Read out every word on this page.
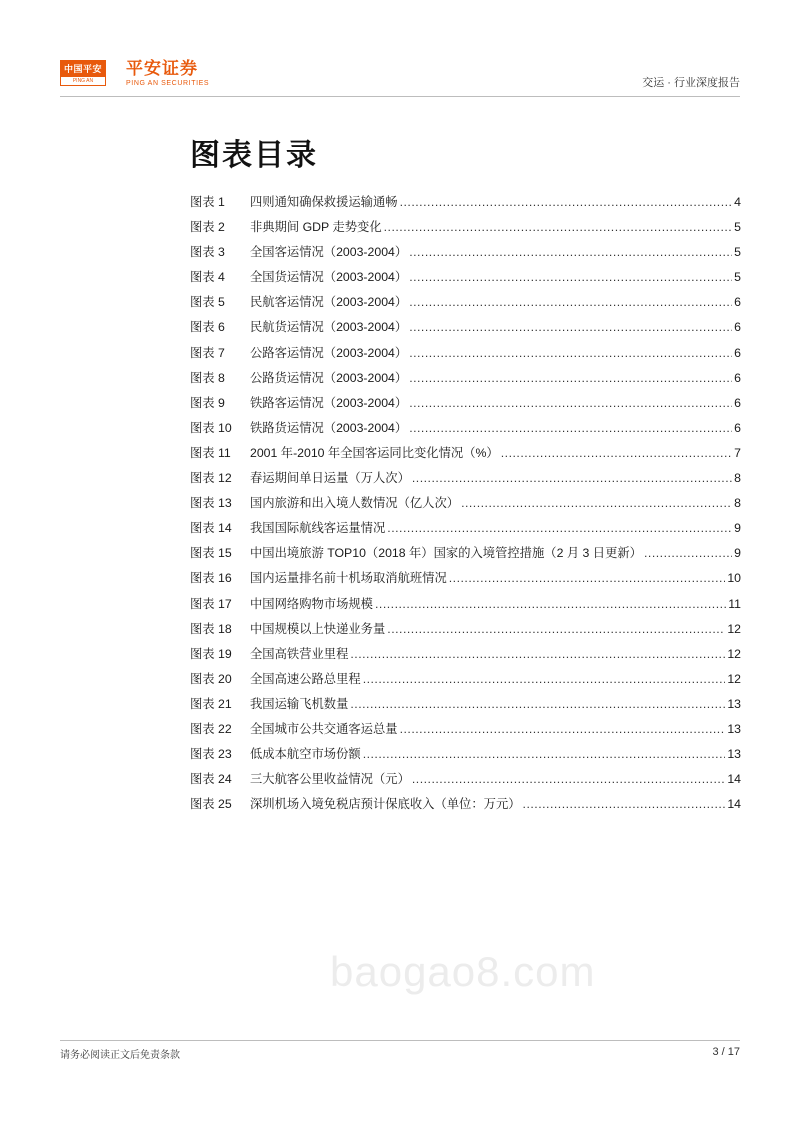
中国平安
PING AN
平安证券
PING AN SECURITIES	交运 · 行业深度报告
图表目录
图表 1	四则通知确保救援运输通畅 .....	4
图表 2	非典期间 GDP 走势变化 .....	5
图表 3	全国客运情况（2003-2004） .....	5
图表 4	全国货运情况（2003-2004） .....	5
图表 5	民航客运情况（2003-2004） .....	6
图表 6	民航货运情况（2003-2004） .....	6
图表 7	公路客运情况（2003-2004） .....	6
图表 8	公路货运情况（2003-2004） .....	6
图表 9	铁路客运情况（2003-2004） .....	6
图表 10	铁路货运情况（2003-2004） .....	6
图表 11	2001 年-2010 年全国客运同比变化情况（%） .....	7
图表 12	春运期间单日运量（万人次） .....	8
图表 13	国内旅游和出入境人数情况（亿人次） .....	8
图表 14	我国国际航线客运量情况 .....	9
图表 15	中国出境旅游 TOP10（2018 年）国家的入境管控措施（2 月 3 日更新） .....	9
图表 16	国内运量排名前十机场取消航班情况 .....	10
图表 17	中国网络购物市场规模 .....	11
图表 18	中国规模以上快递业务量 .....	12
图表 19	全国高铁营业里程 .....	12
图表 20	全国高速公路总里程 .....	12
图表 21	我国运输飞机数量 .....	13
图表 22	全国城市公共交通客运总量 .....	13
图表 23	低成本航空市场份额 .....	13
图表 24	三大航客公里收益情况（元） .....	14
图表 25	深圳机场入境免税店预计保底收入（单位：万元） .....	14
baogao8.com
请务必阅读正文后免责条款	3 / 17
